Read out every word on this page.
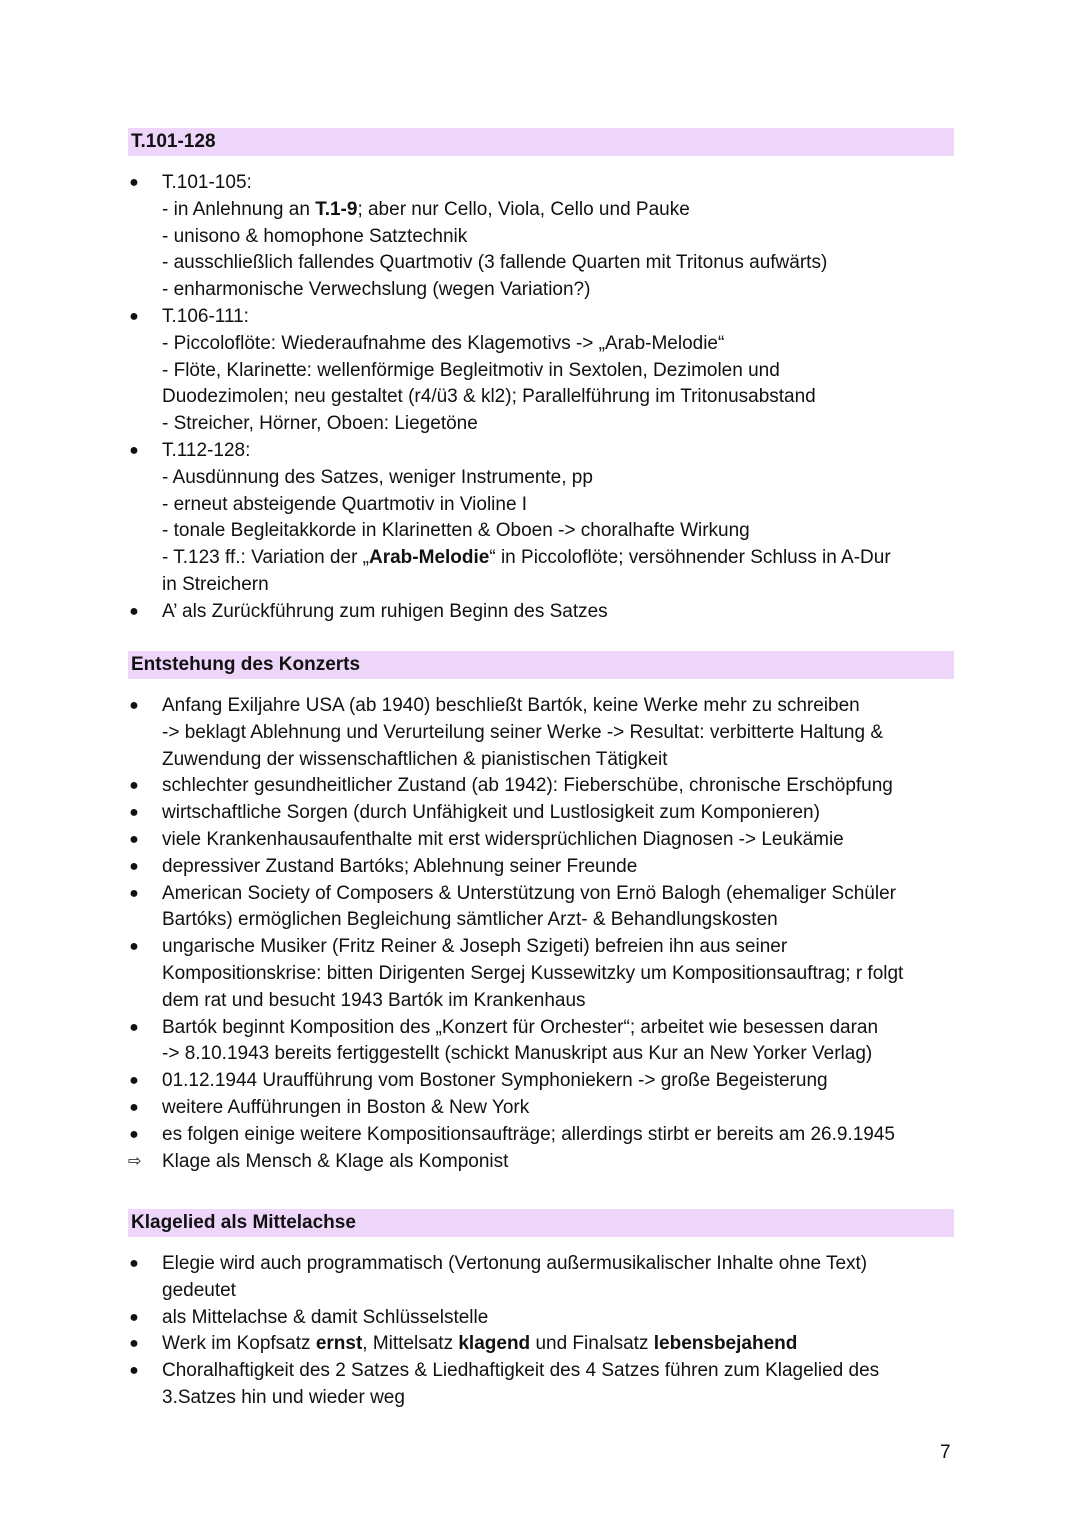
T.101-128
● T.101-105:
- in Anlehnung an T.1-9; aber nur Cello, Viola, Cello und Pauke
- unisono & homophone Satztechnik
- ausschließlich fallendes Quartmotiv (3 fallende Quarten mit Tritonus aufwärts)
- enharmonische Verwechslung (wegen Variation?)
● T.106-111:
- Piccoloflöte: Wiederaufnahme des Klagemotivs -> „Arab-Melodie“
- Flöte, Klarinette: wellenförmige Begleitmotiv in Sextolen, Dezimolen und
Duodezimolen; neu gestaltet (r4/ü3 & kl2); Parallelführung im Tritonusabstand
- Streicher, Hörner, Oboen: Liegetöne
● T.112-128:
- Ausdünnung des Satzes, weniger Instrumente, pp
- erneut absteigende Quartmotiv in Violine I
- tonale Begleitakkorde in Klarinetten & Oboen -> choralhafte Wirkung
- T.123 ff.: Variation der „Arab-Melodie“ in Piccoloflöte; versöhnender Schluss in A-Dur
in Streichern
● A’ als Zurückführung zum ruhigen Beginn des Satzes
Entstehung des Konzerts
● Anfang Exiljahre USA (ab 1940) beschließt Bartók, keine Werke mehr zu schreiben
-> beklagt Ablehnung und Verurteilung seiner Werke -> Resultat: verbitterte Haltung &
Zuwendung der wissenschaftlichen & pianistischen Tätigkeit
● schlechter gesundheitlicher Zustand (ab 1942): Fieberschübe, chronische Erschöpfung
● wirtschaftliche Sorgen (durch Unfähigkeit und Lustlosigkeit zum Komponieren)
● viele Krankenhausaufenthalte mit erst widersprüchlichen Diagnosen -> Leukämie
● depressiver Zustand Bartóks; Ablehnung seiner Freunde
● American Society of Composers & Unterstützung von Ernö Balogh (ehemaliger Schüler
Bartóks) ermöglichen Begleichung sämtlicher Arzt- & Behandlungskosten
● ungarische Musiker (Fritz Reiner & Joseph Szigeti) befreien ihn aus seiner
Kompositionskrise: bitten Dirigenten Sergej Kussewitzky um Kompositionsauftrag; r folgt
dem rat und besucht 1943 Bartók im Krankenhaus
● Bartók beginnt Komposition des „Konzert für Orchester“; arbeitet wie besessen daran
-> 8.10.1943 bereits fertiggestellt (schickt Manuskript aus Kur an New Yorker Verlag)
● 01.12.1944 Uraufführung vom Bostoner Symphoniekern -> große Begeisterung
● weitere Aufführungen in Boston & New York
● es folgen einige weitere Kompositionsaufträge; allerdings stirbt er bereits am 26.9.1945
⇨ Klage als Mensch & Klage als Komponist
Klagelied als Mittelachse
● Elegie wird auch programmatisch (Vertonung außermusikalischer Inhalte ohne Text)
gedeutet
● als Mittelachse & damit Schlüsselstelle
● Werk im Kopfsatz ernst, Mittelsatz klagend und Finalsatz lebensbejahend
● Choralhaftigkeit des 2 Satzes & Liedhaftigkeit des 4 Satzes führen zum Klagelied des
3.Satzes hin und wieder weg
7
